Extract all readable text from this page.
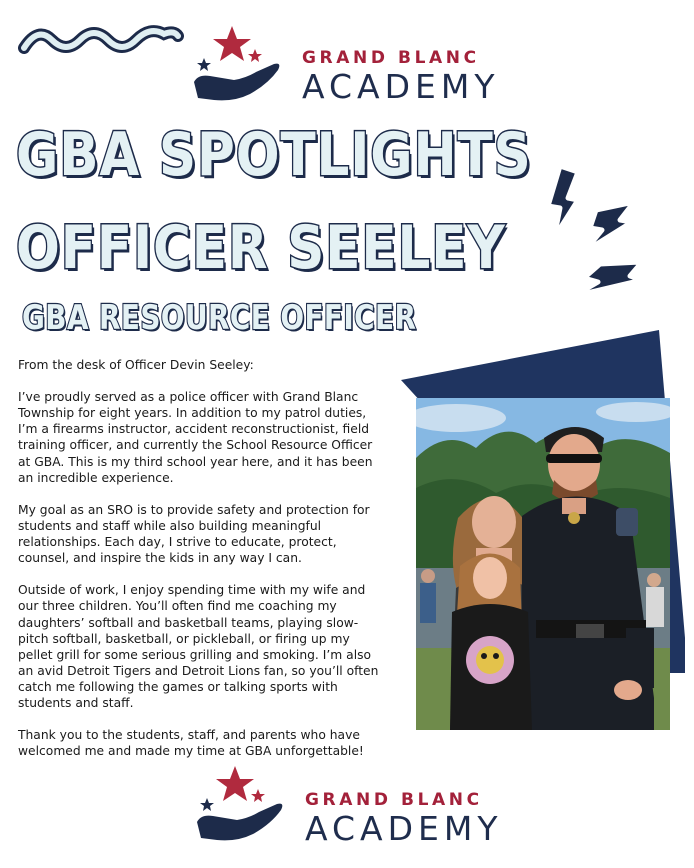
GRAND BLANC
ACADEMY
GBA SPOTLIGHTS
OFFICER SEELEY
GBA RESOURCE OFFICER

From the desk of Officer Devin Seeley:

I’ve proudly served as a police officer with Grand Blanc Township for eight years. In addition to my patrol duties, I’m a firearms instructor, accident reconstructionist, field training officer, and currently the School Resource Officer at GBA. This is my third school year here, and it has been an incredible experience.

My goal as an SRO is to provide safety and protection for students and staff while also building meaningful relationships. Each day, I strive to educate, protect, counsel, and inspire the kids in any way I can.

Outside of work, I enjoy spending time with my wife and our three children. You’ll often find me coaching my daughters’ softball and basketball teams, playing slow-pitch softball, basketball, or pickleball, or firing up my pellet grill for some serious grilling and smoking. I’m also an avid Detroit Tigers and Detroit Lions fan, so you’ll often catch me following the games or talking sports with students and staff.

Thank you to the students, staff, and parents who have welcomed me and made my time at GBA unforgettable!

GRAND BLANC
ACADEMY
